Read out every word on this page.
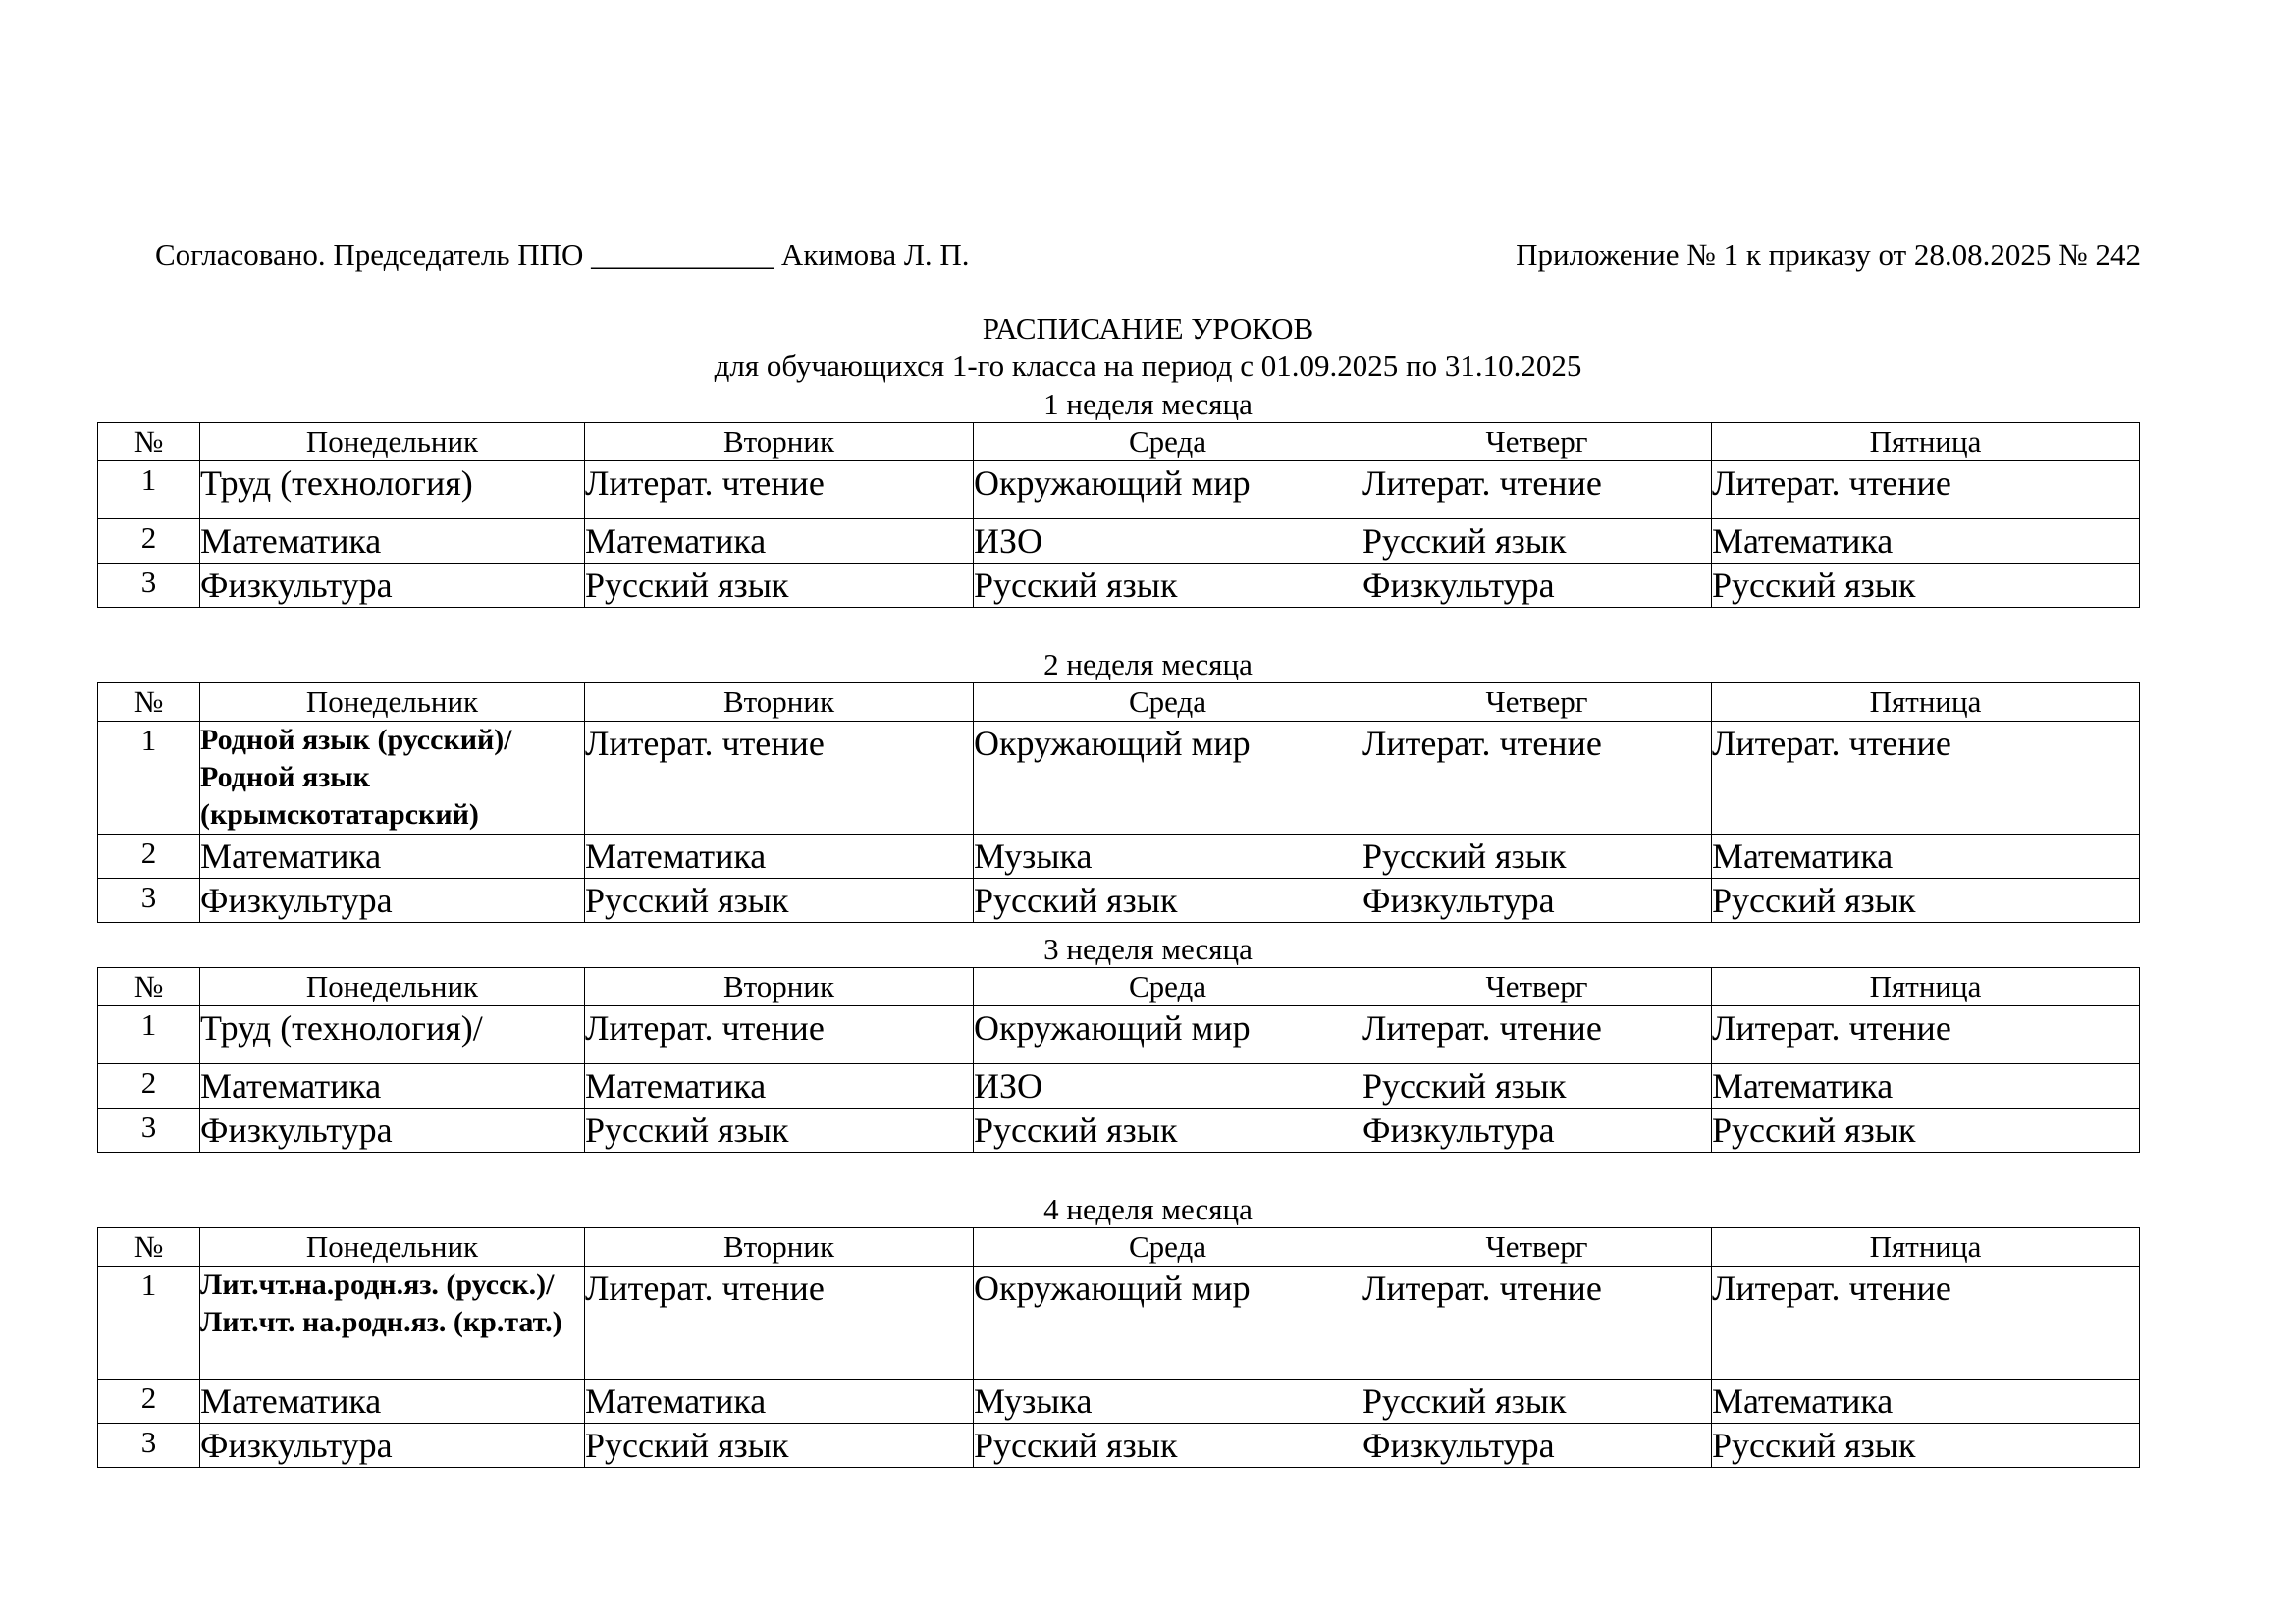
Согласовано. Председатель ППО ____________ Акимова Л. П.	Приложение № 1 к приказу от 28.08.2025 № 242
РАСПИСАНИЕ УРОКОВ
для обучающихся 1-го класса на период с 01.09.2025 по 31.10.2025
1 неделя месяца
№	Понедельник	Вторник	Среда	Четверг	Пятница
1	Труд (технология)	Литерат. чтение	Окружающий мир	Литерат. чтение	Литерат. чтение
2	Математика	Математика	ИЗО	Русский язык	Математика
3	Физкультура	Русский язык	Русский язык	Физкультура	Русский язык
2 неделя месяца
№	Понедельник	Вторник	Среда	Четверг	Пятница
1	Родной язык (русский)/Родной язык (крымскотатарский)	Литерат. чтение	Окружающий мир	Литерат. чтение	Литерат. чтение
2	Математика	Математика	Музыка	Русский язык	Математика
3	Физкультура	Русский язык	Русский язык	Физкультура	Русский язык
3 неделя месяца
№	Понедельник	Вторник	Среда	Четверг	Пятница
1	Труд (технология)/	Литерат. чтение	Окружающий мир	Литерат. чтение	Литерат. чтение
2	Математика	Математика	ИЗО	Русский язык	Математика
3	Физкультура	Русский язык	Русский язык	Физкультура	Русский язык
4 неделя месяца
№	Понедельник	Вторник	Среда	Четверг	Пятница
1	Лит.чт.на.родн.яз. (русск.)/Лит.чт. на.родн.яз. (кр.тат.)	Литерат. чтение	Окружающий мир	Литерат. чтение	Литерат. чтение
2	Математика	Математика	Музыка	Русский язык	Математика
3	Физкультура	Русский язык	Русский язык	Физкультура	Русский язык
